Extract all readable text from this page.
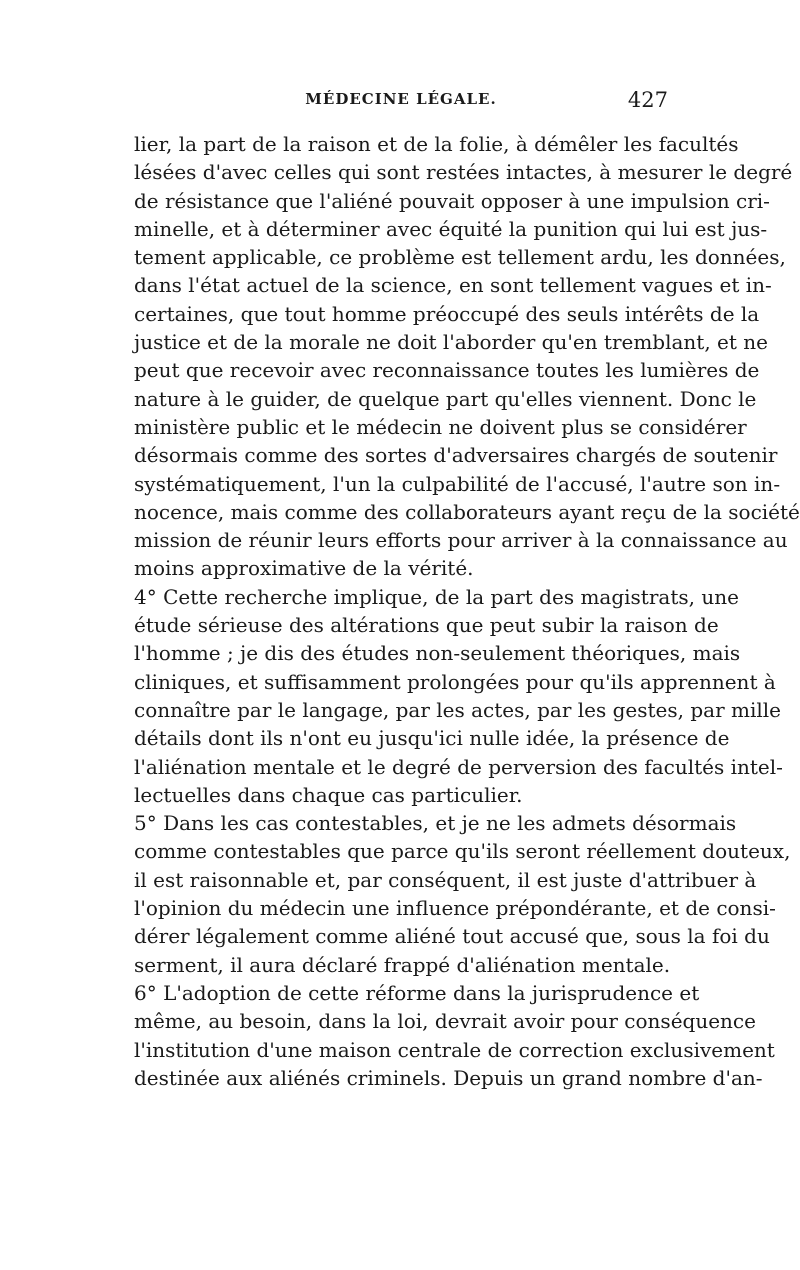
MÉDECINE LÉGALE.	427
lier, la part de la raison et de la folie, à démêler les facultés
lésées d'avec celles qui sont restées intactes, à mesurer le degré
de résistance que l'aliéné pouvait opposer à une impulsion cri-
minelle, et à déterminer avec équité la punition qui lui est jus-
tement applicable, ce problème est tellement ardu, les données,
dans l'état actuel de la science, en sont tellement vagues et in-
certaines, que tout homme préoccupé des seuls intérêts de la
justice et de la morale ne doit l'aborder qu'en tremblant, et ne
peut que recevoir avec reconnaissance toutes les lumières de
nature à le guider, de quelque part qu'elles viennent. Donc le
ministère public et le médecin ne doivent plus se considérer
désormais comme des sortes d'adversaires chargés de soutenir
systématiquement, l'un la culpabilité de l'accusé, l'autre son in-
nocence, mais comme des collaborateurs ayant reçu de la société
mission de réunir leurs efforts pour arriver à la connaissance au
moins approximative de la vérité.
4° Cette recherche implique, de la part des magistrats, une
étude sérieuse des altérations que peut subir la raison de
l'homme ; je dis des études non-seulement théoriques, mais
cliniques, et suffisamment prolongées pour qu'ils apprennent à
connaître par le langage, par les actes, par les gestes, par mille
détails dont ils n'ont eu jusqu'ici nulle idée, la présence de
l'aliénation mentale et le degré de perversion des facultés intel-
lectuelles dans chaque cas particulier.
5° Dans les cas contestables, et je ne les admets désormais
comme contestables que parce qu'ils seront réellement douteux,
il est raisonnable et, par conséquent, il est juste d'attribuer à
l'opinion du médecin une influence prépondérante, et de consi-
dérer légalement comme aliéné tout accusé que, sous la foi du
serment, il aura déclaré frappé d'aliénation mentale.
6° L'adoption de cette réforme dans la jurisprudence et
même, au besoin, dans la loi, devrait avoir pour conséquence
l'institution d'une maison centrale de correction exclusivement
destinée aux aliénés criminels. Depuis un grand nombre d'an-
